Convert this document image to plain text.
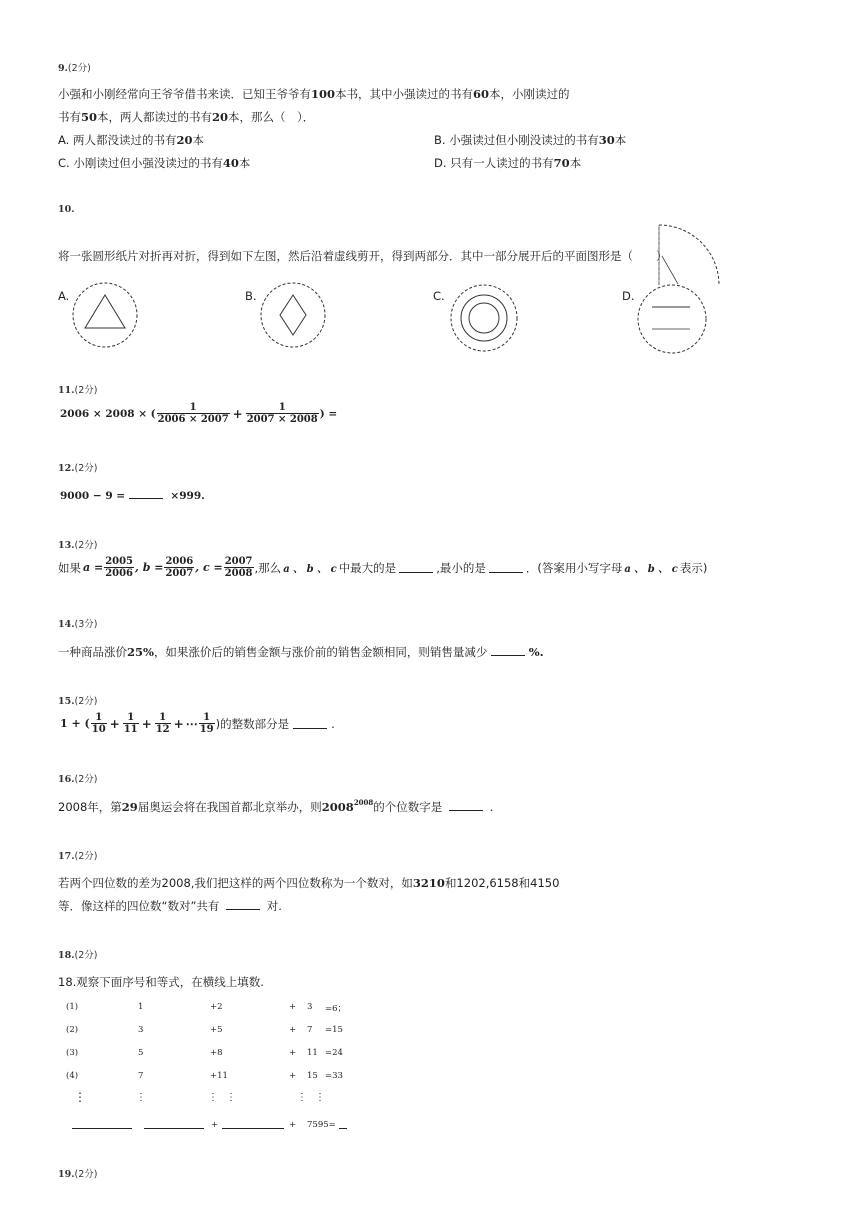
9.(2分)
小强和小刚经常向王爷爷借书来读．已知王爷爷有100本书，其中小强读过的书有60本，小刚读过的
书有50本，两人都读过的书有20本，那么（　）．
A. 两人都没读过的书有20本	B. 小强读过但小刚没读过的书有30本
C. 小刚读过但小强没读过的书有40本	D. 只有一人读过的书有70本
10.
将一张圆形纸片对折再对折，得到如下左图，然后沿着虚线剪开，得到两部分．其中一部分展开后的平面图形是（　　）
A.	B.	C.	D.
11.(2分)
2006 × 2008 × ( $\frac{1}{2006 \times 2007} + \frac{1}{2007 \times 2008}$ ) =
12.(2分)
9000 − 9 =	×999.
13.(2分)
如果 $a = \frac{2005}{2006}$ , $b = \frac{2006}{2007}$ , $c = \frac{2007}{2008}$ ,那么 a 、 b 、 c 中最大的是	,最小的是	．(答案用小写字母 a 、 b 、 c 表示)
14.(3分)
一种商品涨价25%，如果涨价后的销售金额与涨价前的销售金额相同，则销售量减少	%.
15.(2分)
1 + ( $\frac{1}{10} + \frac{1}{11} + \frac{1}{12}$ + ⋯ $\frac{1}{19}$ )的整数部分是	.
16.(2分)
2008年，第29届奥运会将在我国首都北京举办，则$2008^{2008}$的个位数字是	.
17.(2分)
若两个四位数的差为2008,我们把这样的两个四位数称为一个数对，如3210和1202,6158和4150
等．像这样的四位数“数对”共有	对.
18.(2分)
18.观察下面序号和等式，在横线上填数.
(1)	1	+2	+ 3 =6；
(2)	3	+5	+ 7 =15
(3)	5	+8	+ 11 =24
(4)	7	+11	+ 15 =33
⋮	⋮	⋮ ⋮	⋮ ⋮
+	+ 7595=
19.(2分)
